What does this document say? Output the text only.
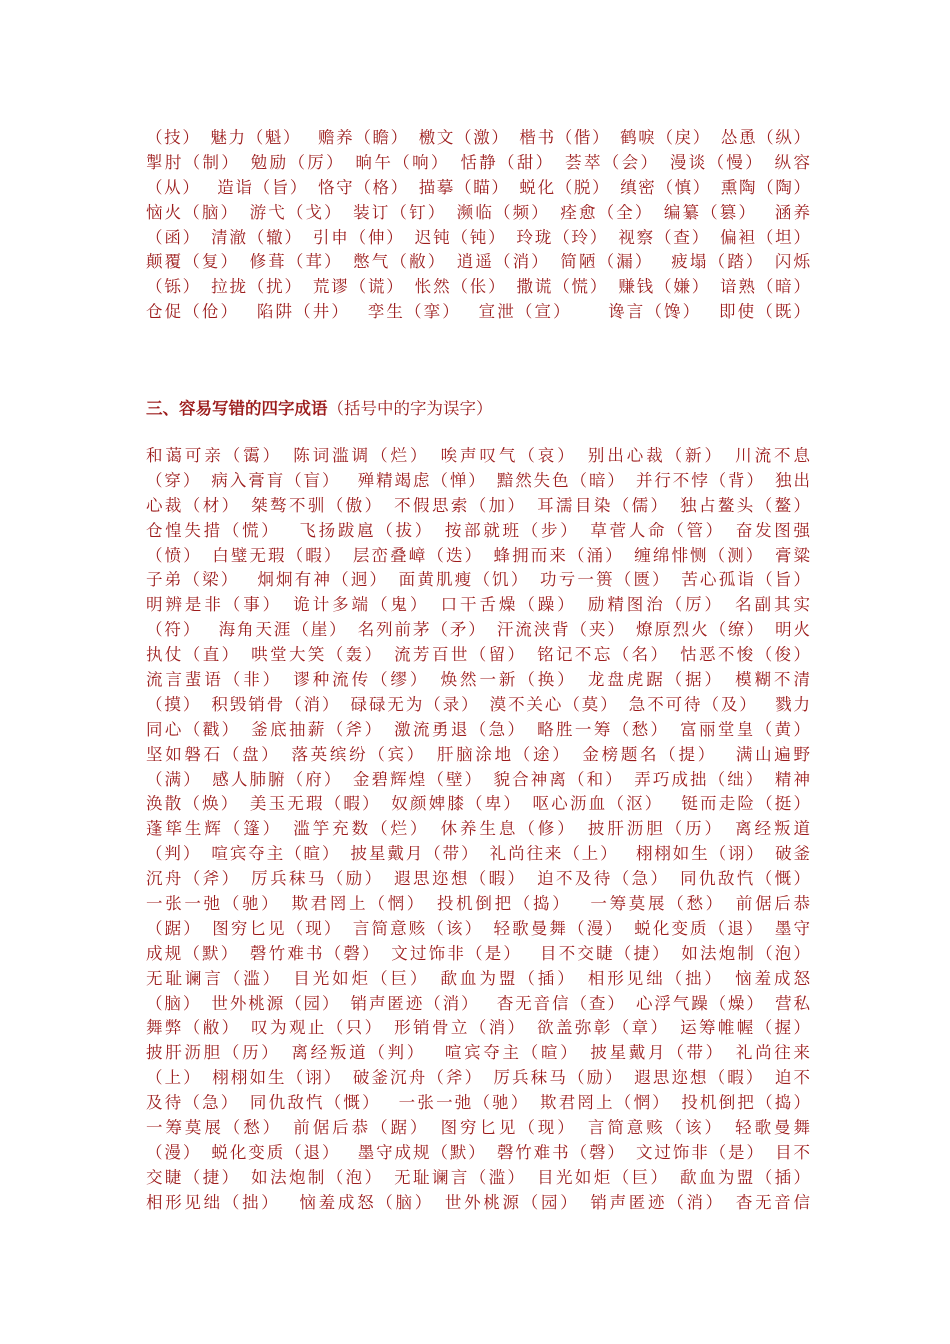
（技）　魅力（魁）　 赡养（瞻）　檄文（激）　楷书（偕）　鹤唳（戾）　怂恿（纵）
掣肘（制）　勉励（厉）　晌午（响）　恬静（甜）　荟萃（会）　漫谈（慢）　纵容
（从）　 造诣（旨）　恪守（格）　描摹（瞄）　蜕化（脱）　缜密（慎）　熏陶（陶）
恼火（脑）　游弋（戈）　装订（钉）　濒临（频）　痊愈（全）　编纂（篡）　 涵养
（函）　清澈（辙）　引申（伸）　迟钝（钝）　玲珑（玲）　视察（查）　偏袒（坦）
颠覆（复）　修葺（茸）　憋气（敝）　逍遥（消）　简陋（漏）　 疲塌（踏）　闪烁
（铄）　拉拢（扰）　荒谬（谎）　怅然（伥）　撒谎（慌）　赚钱（嫌）　谙熟（暗）
仓促（伧）　 陷阱（井）　 孪生（挛）　 宣泄（宣）　 　谗言（馋）　 即使（既）
三、容易写错的四字成语（括号中的字为误字）
和蔼可亲（霭）　陈词滥调（烂）　唉声叹气（哀）　别出心裁（新）　川流不息
（穿）　病入膏肓（盲）　 殚精竭虑（惮）　黯然失色（暗）　并行不悖（背）　独出
心裁（材）　桀骜不驯（傲）　不假思索（加）　耳濡目染（儒）　独占鳌头（鳌）
仓惶失措（慌）　 飞扬跋扈（拔）　按部就班（步）　草菅人命（管）　奋发图强
（愤）　白璧无瑕（暇）　层峦叠嶂（迭）　蜂拥而来（涌）　缠绵悱恻（测）　膏粱
子弟（梁）　 炯炯有神（迥）　面黄肌瘦（饥）　功亏一篑（匮）　苦心孤诣（旨）
明辨是非（事）　诡计多端（鬼）　口干舌燥（躁）　励精图治（厉）　名副其实
（符）　 海角天涯（崖）　名列前茅（矛）　汗流浃背（夹）　燎原烈火（缭）　明火
执仗（直）　哄堂大笑（轰）　流芳百世（留）　铭记不忘（名）　怙恶不悛（俊）
流言蜚语（非）　谬种流传（缪）　焕然一新（换）　龙盘虎踞（据）　模糊不清
（摸）　积毁销骨（消）　碌碌无为（录）　漠不关心（莫）　急不可待（及）　 戮力
同心（戳）　釜底抽薪（斧）　激流勇退（急）　略胜一筹（愁）　富丽堂皇（黄）
坚如磐石（盘）　落英缤纷（宾）　肝脑涂地（途）　金榜题名（提）　 满山遍野
（满）　感人肺腑（府）　金碧辉煌（壁）　貌合神离（和）　弄巧成拙（绌）　精神
涣散（焕）　美玉无瑕（暇）　奴颜婢膝（卑）　呕心沥血（沤）　 铤而走险（挺）
蓬筚生辉（篷）　滥竽充数（烂）　休养生息（修）　披肝沥胆（历）　离经叛道
（判）　喧宾夺主（暄）　披星戴月（带）　礼尚往来（上）　 栩栩如生（诩）　破釜
沉舟（斧）　厉兵秣马（励）　遐思迩想（暇）　迫不及待（急）　同仇敌忾（慨）
一张一弛（驰）　欺君罔上（惘）　投机倒把（捣）　 一筹莫展（愁）　前倨后恭
（踞）　图穷匕见（现）　言简意赅（该）　轻歌曼舞（漫）　蜕化变质（退）　墨守
成规（默）　磬竹难书（磬）　文过饰非（是）　 目不交睫（捷）　如法炮制（泡）
无耻谰言（滥）　目光如炬（巨）　歃血为盟（插）　相形见绌（拙）　恼羞成怒
（脑）　世外桃源（园）　销声匿迹（消）　 杳无音信（查）　心浮气躁（燥）　营私
舞弊（敝）　叹为观止（只）　形销骨立（消）　欲盖弥彰（章）　运筹帷幄（握）
披肝沥胆（历）　离经叛道（判）　 喧宾夺主（暄）　披星戴月（带）　礼尚往来
（上）　栩栩如生（诩）　破釜沉舟（斧）　厉兵秣马（励）　遐思迩想（暇）　迫不
及待（急）　同仇敌忾（慨）　 一张一弛（驰）　欺君罔上（惘）　投机倒把（捣）
一筹莫展（愁）　前倨后恭（踞）　图穷匕见（现）　言简意赅（该）　轻歌曼舞
（漫）　蜕化变质（退）　 墨守成规（默）　磬竹难书（磬）　文过饰非（是）　目不
交睫（捷）　如法炮制（泡）　无耻谰言（滥）　目光如炬（巨）　歃血为盟（插）
相形见绌（拙）　 恼羞成怒（脑）　世外桃源（园）　销声匿迹（消）　杳无音信
